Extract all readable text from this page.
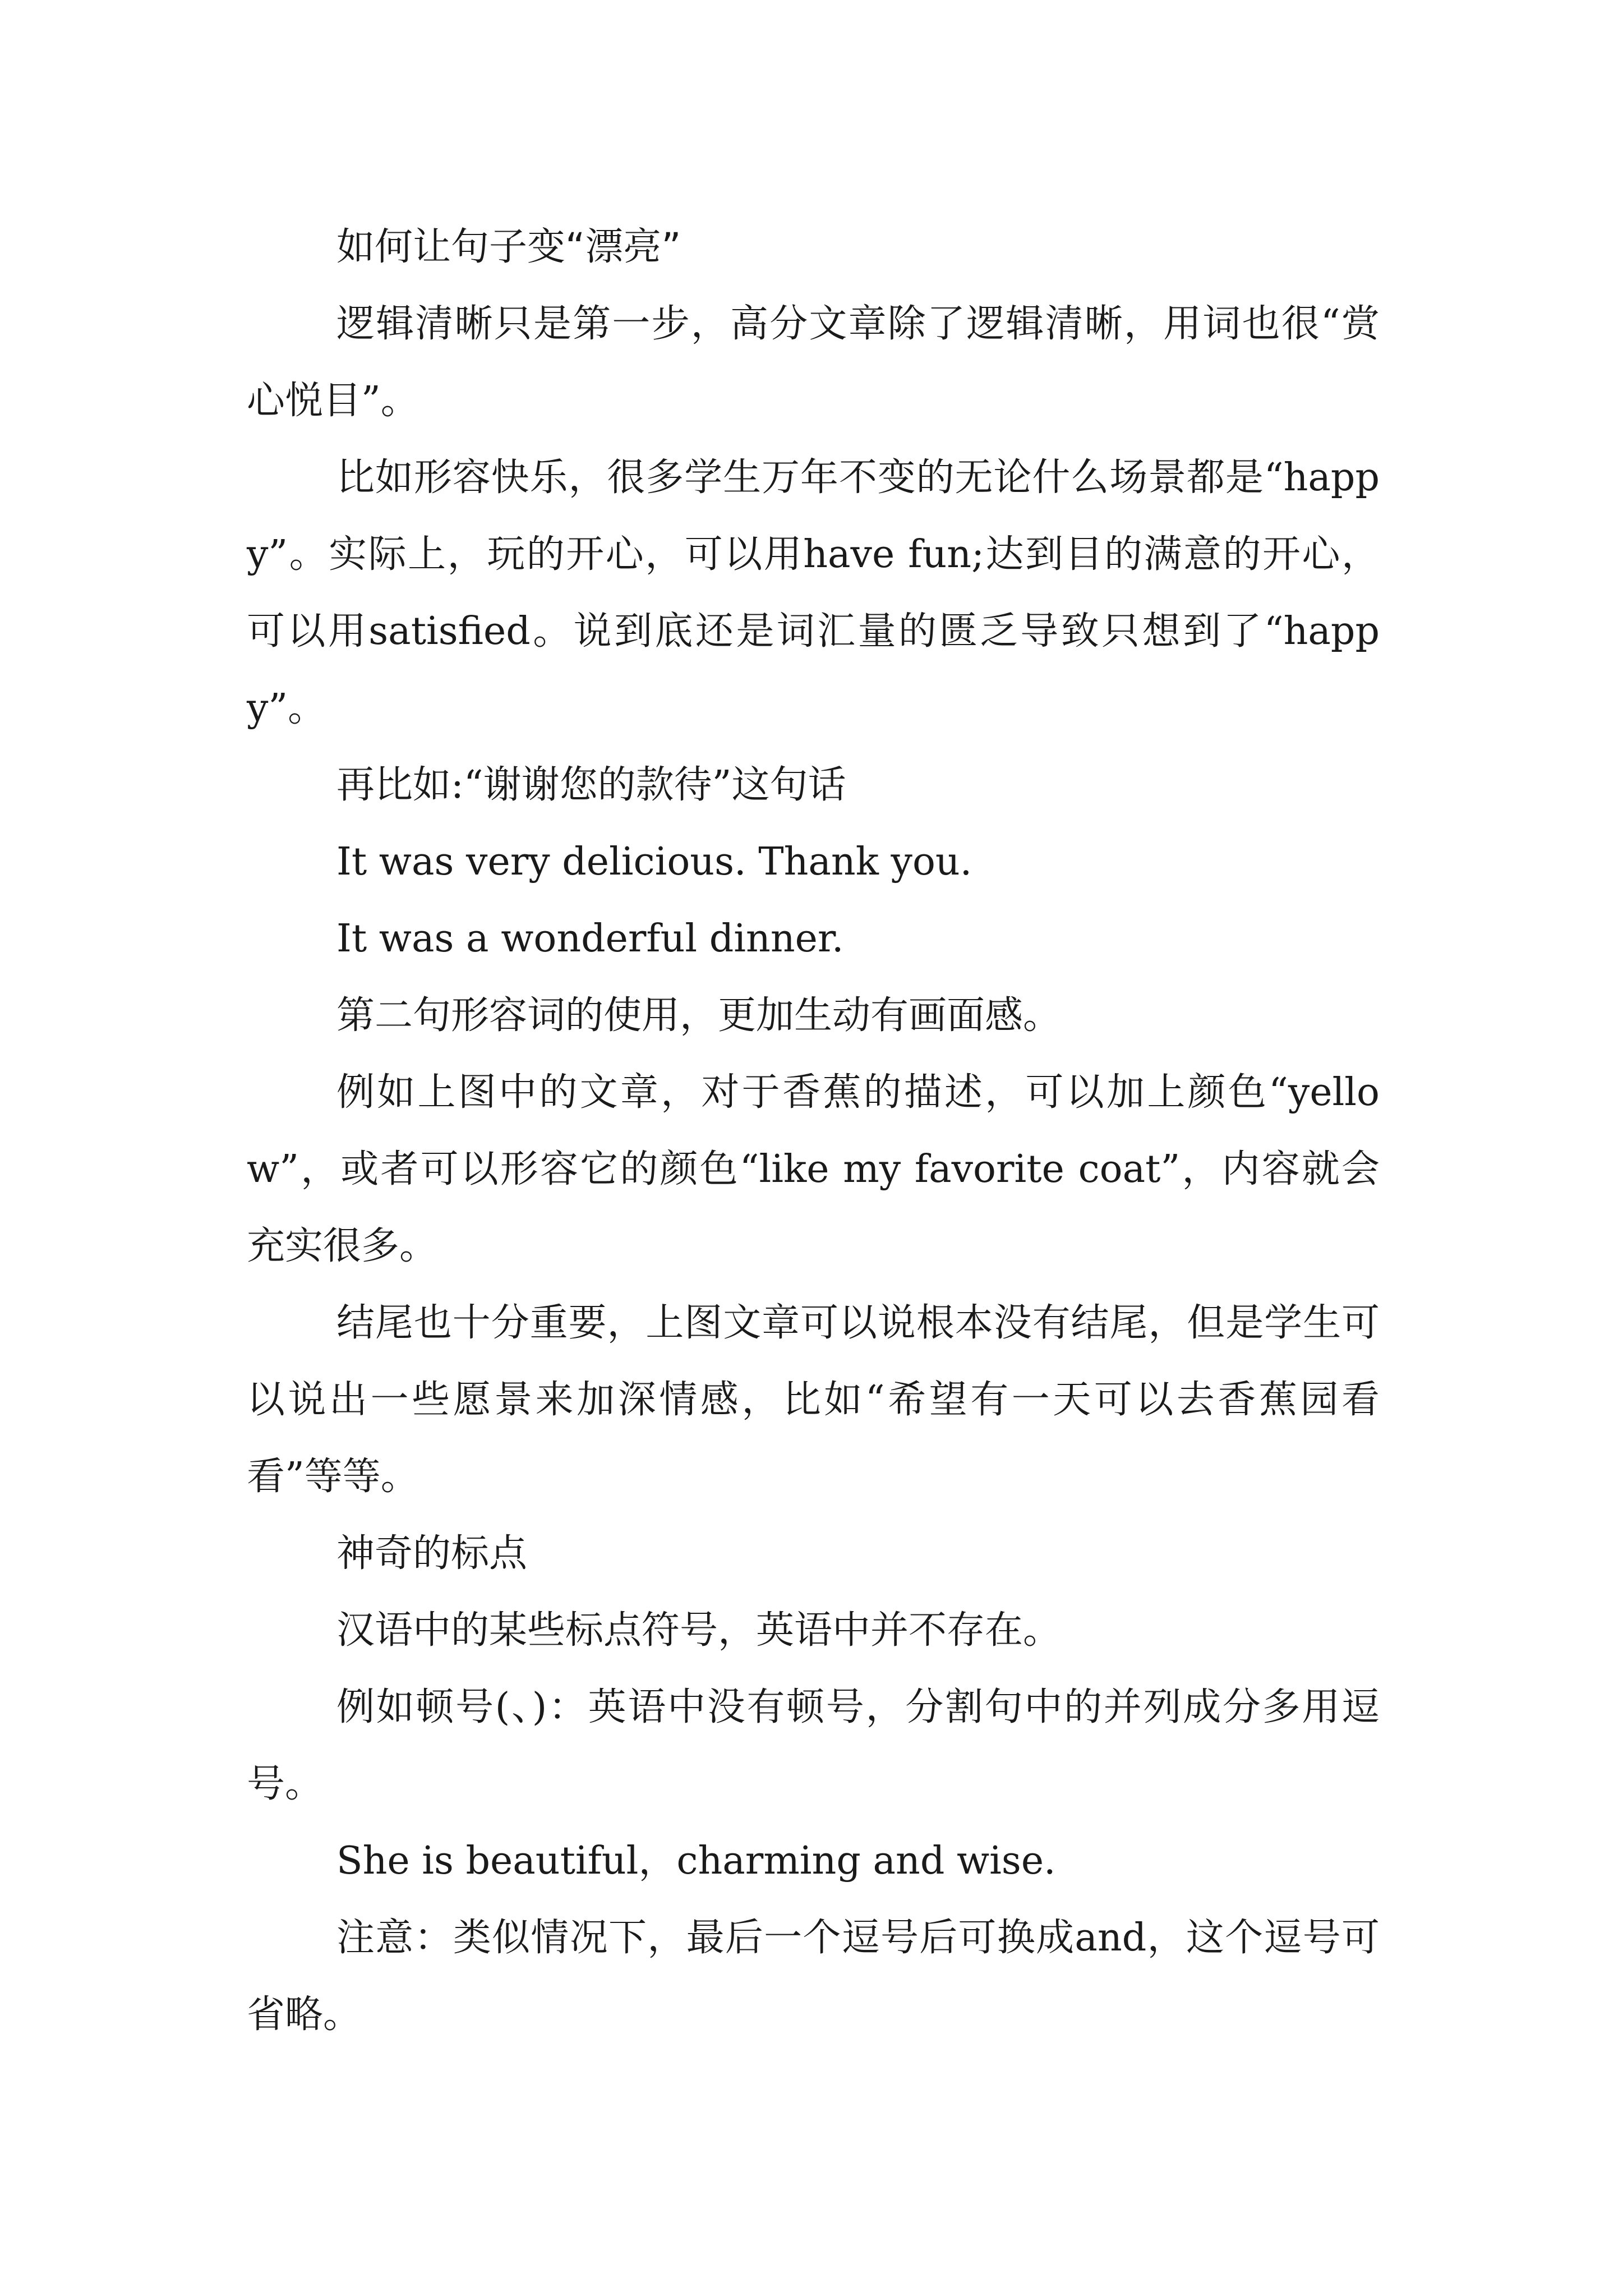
如何让句子变“漂亮”

逻辑清晰只是第一步，高分文章除了逻辑清晰，用词也很“赏心悦目”。

比如形容快乐，很多学生万年不变的无论什么场景都是“happy”。实际上，玩的开心，可以用have fun;达到目的满意的开心，可以用satisfied。说到底还是词汇量的匮乏导致只想到了“happy”。

再比如:“谢谢您的款待”这句话

It was very delicious. Thank you.

It was a wonderful dinner.

第二句形容词的使用，更加生动有画面感。

例如上图中的文章，对于香蕉的描述，可以加上颜色“yellow”，或者可以形容它的颜色“like my favorite coat”，内容就会充实很多。

结尾也十分重要，上图文章可以说根本没有结尾，但是学生可以说出一些愿景来加深情感，比如“希望有一天可以去香蕉园看看”等等。

神奇的标点

汉语中的某些标点符号，英语中并不存在。

例如顿号(、)：英语中没有顿号，分割句中的并列成分多用逗号。

She is beautiful，charming and wise.

注意：类似情况下，最后一个逗号后可换成and，这个逗号可省略。
